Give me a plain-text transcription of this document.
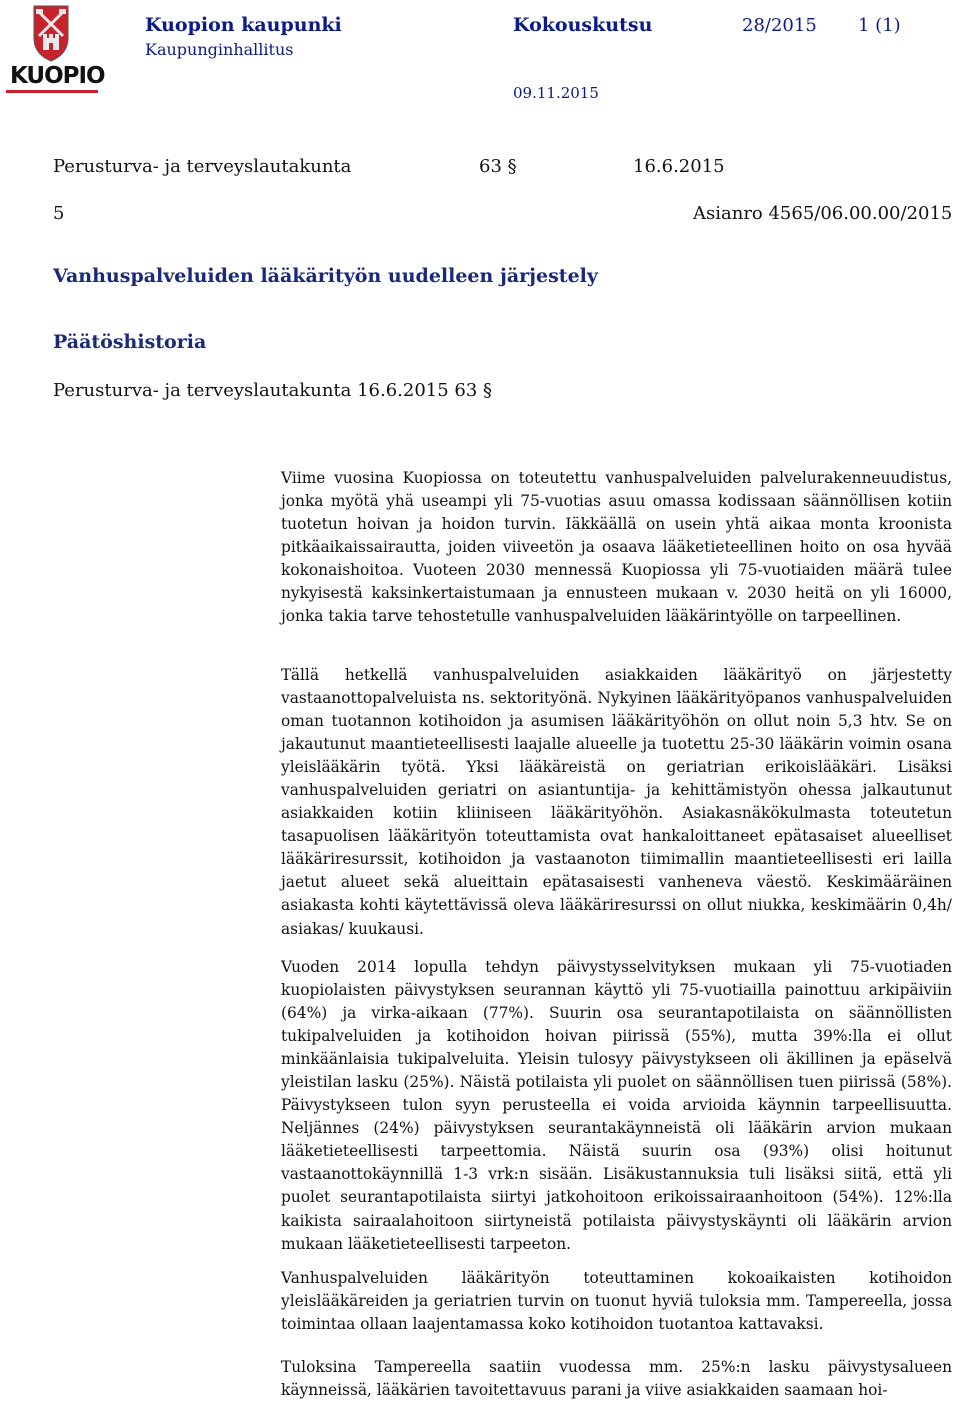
KUOPIO
Kuopion kaupunki
Kaupunginhallitus
Kokouskutsu	28/2015 1 (1)
09.11.2015
Perusturva- ja terveyslautakunta	63 §	16.6.2015
5	Asianro 4565/06.00.00/2015
Vanhuspalveluiden lääkärityön uudelleen järjestely
Päätöshistoria
Perusturva- ja terveyslautakunta 16.6.2015 63 §

Viime vuosina Kuopiossa on toteutettu vanhuspalveluiden palvelurakenneuudistus, jonka myötä yhä useampi yli 75-vuotias asuu omassa kodissaan säännöllisen kotiin tuotetun hoivan ja hoidon turvin. Iäkkäällä on usein yhtä aikaa monta kroonista pitkäaikaissairautta, joiden viiveetön ja osaava lääketieteellinen hoito on osa hyvää kokonaishoitoa. Vuoteen 2030 mennessä Kuopiossa yli 75-vuotiaiden määrä tulee nykyisestä kaksinkertaistumaan ja ennusteen mukaan v. 2030 heitä on yli 16000, jonka takia tarve tehostetulle vanhuspalveluiden lääkärintyölle on tarpeellinen.

Tällä hetkellä vanhuspalveluiden asiakkaiden lääkärityö on järjestetty vastaanottopalveluista ns. sektorityönä. Nykyinen lääkärityöpanos vanhuspalveluiden oman tuotannon kotihoidon ja asumisen lääkärityöhön on ollut noin 5,3 htv. Se on jakautunut maantieteellisesti laajalle alueelle ja tuotettu 25-30 lääkärin voimin osana yleislääkärin työtä. Yksi lääkäreistä on geriatrian erikoislääkäri. Lisäksi vanhuspalveluiden geriatri on asiantuntija- ja kehittämistyön ohessa jalkautunut asiakkaiden kotiin kliiniseen lääkärityöhön. Asiakasnäkökulmasta toteutetun tasapuolisen lääkärityön toteuttamista ovat hankaloittaneet epätasaiset alueelliset lääkäriresurssit, kotihoidon ja vastaanoton tiimimallin maantieteellisesti eri lailla jaetut alueet sekä alueittain epätasaisesti vanheneva väestö. Keskimääräinen asiakasta kohti käytettävissä oleva lääkäriresurssi on ollut niukka, keskimäärin 0,4h/ asiakas/ kuukausi.

Vuoden 2014 lopulla tehdyn päivystysselvityksen mukaan yli 75-vuotiaden kuopiolaisten päivystyksen seurannan käyttö yli 75-vuotiailla painottuu arkipäiviin (64%) ja virka-aikaan (77%). Suurin osa seurantapotilaista on säännöllisten tukipalveluiden ja kotihoidon hoivan piirissä (55%), mutta 39%:lla ei ollut minkäänlaisia tukipalveluita. Yleisin tulosyy päivystykseen oli äkillinen ja epäselvä yleistilan lasku (25%). Näistä potilaista yli puolet on säännöllisen tuen piirissä (58%). Päivystykseen tulon syyn perusteella ei voida arvioida käynnin tarpeellisuutta. Neljännes (24%) päivystyksen seurantakäynneistä oli lääkärin arvion mukaan lääketieteellisesti tarpeettomia. Näistä suurin osa (93%) olisi hoitunut vastaanottokäynnillä 1-3 vrk:n sisään. Lisäkustannuksia tuli lisäksi siitä, että yli puolet seurantapotilaista siirtyi jatkohoitoon erikoissairaanhoitoon (54%). 12%:lla kaikista sairaalahoitoon siirtyneistä potilaista päivystyskäynti oli lääkärin arvion mukaan lääketieteellisesti tarpeeton.

Vanhuspalveluiden lääkärityön toteuttaminen kokoaikaisten kotihoidon yleislääkäreiden ja geriatrien turvin on tuonut hyviä tuloksia mm. Tampereella, jossa toimintaa ollaan laajentamassa koko kotihoidon tuotantoa kattavaksi.

Tuloksina Tampereella saatiin vuodessa mm. 25%:n lasku päivystysalueen käynneissä, lääkärien tavoitettavuus parani ja viive asiakkaiden saamaan hoi-
